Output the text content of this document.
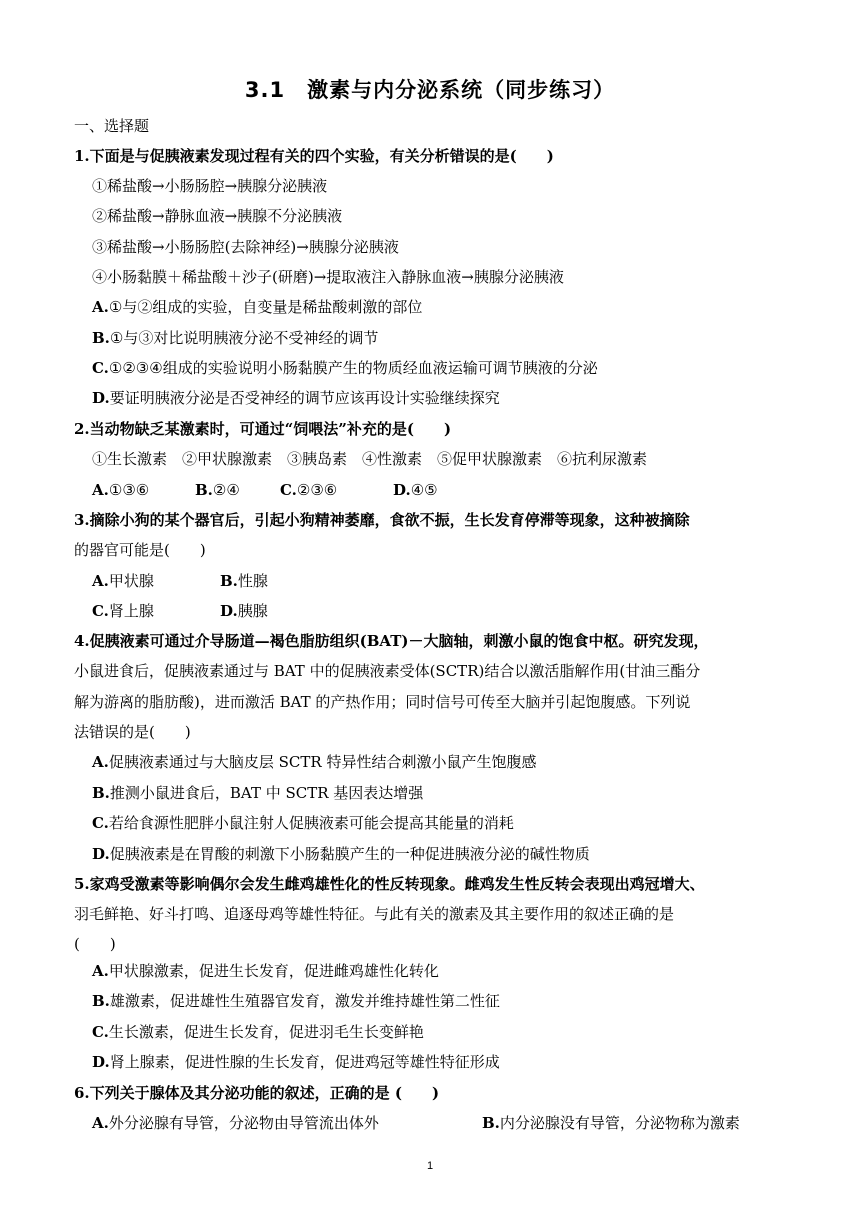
3.1　激素与内分泌系统（同步练习）
一、选择题
1.下面是与促胰液素发现过程有关的四个实验，有关分析错误的是(　　)
①稀盐酸→小肠肠腔→胰腺分泌胰液
②稀盐酸→静脉血液→胰腺不分泌胰液
③稀盐酸→小肠肠腔(去除神经)→胰腺分泌胰液
④小肠黏膜＋稀盐酸＋沙子(研磨)→提取液注入静脉血液→胰腺分泌胰液
A.①与②组成的实验，自变量是稀盐酸刺激的部位
B.①与③对比说明胰液分泌不受神经的调节
C.①②③④组成的实验说明小肠黏膜产生的物质经血液运输可调节胰液的分泌
D.要证明胰液分泌是否受神经的调节应该再设计实验继续探究
2.当动物缺乏某激素时，可通过“饲喂法”补充的是(　　)
①生长激素　②甲状腺激素　③胰岛素　④性激素　⑤促甲状腺激素　⑥抗利尿激素
A.①③⑥	B.②④	C.②③⑥	D.④⑤
3.摘除小狗的某个器官后，引起小狗精神萎靡，食欲不振，生长发育停滞等现象，这种被摘除
的器官可能是(　　)
A.甲状腺	B.性腺
C.肾上腺	D.胰腺
4.促胰液素可通过介导肠道—褐色脂肪组织(BAT)－大脑轴，刺激小鼠的饱食中枢。研究发现，
小鼠进食后，促胰液素通过与 BAT 中的促胰液素受体(SCTR)结合以激活脂解作用(甘油三酯分
解为游离的脂肪酸)，进而激活 BAT 的产热作用；同时信号可传至大脑并引起饱腹感。下列说
法错误的是(　　)
A.促胰液素通过与大脑皮层 SCTR 特异性结合刺激小鼠产生饱腹感
B.推测小鼠进食后，BAT 中 SCTR 基因表达增强
C.若给食源性肥胖小鼠注射人促胰液素可能会提高其能量的消耗
D.促胰液素是在胃酸的刺激下小肠黏膜产生的一种促进胰液分泌的碱性物质
5.家鸡受激素等影响偶尔会发生雌鸡雄性化的性反转现象。雌鸡发生性反转会表现出鸡冠增大、
羽毛鲜艳、好斗打鸣、追逐母鸡等雄性特征。与此有关的激素及其主要作用的叙述正确的是
(　　)
A.甲状腺激素，促进生长发育，促进雌鸡雄性化转化
B.雄激素，促进雄性生殖器官发育，激发并维持雄性第二性征
C.生长激素，促进生长发育，促进羽毛生长变鲜艳
D.肾上腺素，促进性腺的生长发育，促进鸡冠等雄性特征形成
6.下列关于腺体及其分泌功能的叙述，正确的是 (　　)
A.外分泌腺有导管，分泌物由导管流出体外	B.内分泌腺没有导管，分泌物称为激素
1
